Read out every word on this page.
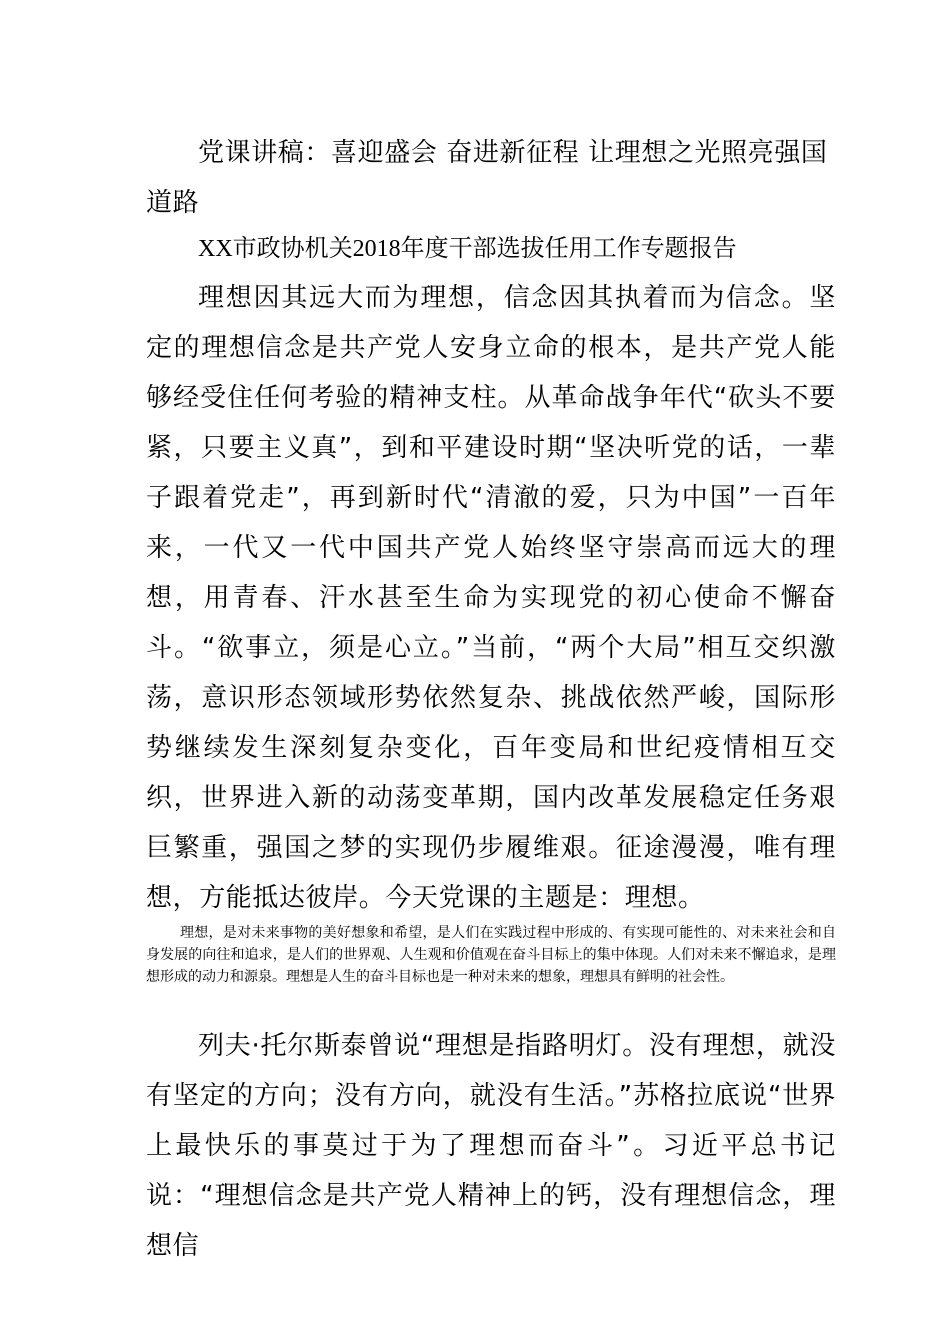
党课讲稿：喜迎盛会 奋进新征程 让理想之光照亮强国道路
XX市政协机关2018年度干部选拔任用工作专题报告
理想因其远大而为理想，信念因其执着而为信念。坚定的理想信念是共产党人安身立命的根本，是共产党人能够经受住任何考验的精神支柱。从革命战争年代“砍头不要紧，只要主义真”，到和平建设时期“坚决听党的话，一辈子跟着党走”，再到新时代“清澈的爱，只为中国”一百年来，一代又一代中国共产党人始终坚守崇高而远大的理想，用青春、汗水甚至生命为实现党的初心使命不懈奋斗。“欲事立，须是心立。”当前，“两个大局”相互交织激荡，意识形态领域形势依然复杂、挑战依然严峻，国际形势继续发生深刻复杂变化，百年变局和世纪疫情相互交织，世界进入新的动荡变革期，国内改革发展稳定任务艰巨繁重，强国之梦的实现仍步履维艰。征途漫漫，唯有理想，方能抵达彼岸。今天党课的主题是：理想。
理想，是对未来事物的美好想象和希望，是人们在实践过程中形成的、有实现可能性的、对未来社会和自身发展的向往和追求，是人们的世界观、人生观和价值观在奋斗目标上的集中体现。人们对未来不懈追求，是理想形成的动力和源泉。理想是人生的奋斗目标也是一种对未来的想象，理想具有鲜明的社会性。
列夫·托尔斯泰曾说“理想是指路明灯。没有理想，就没有坚定的方向；没有方向，就没有生活。”苏格拉底说“世界上最快乐的事莫过于为了理想而奋斗”。习近平总书记说：“理想信念是共产党人精神上的钙，没有理想信念，理想信
